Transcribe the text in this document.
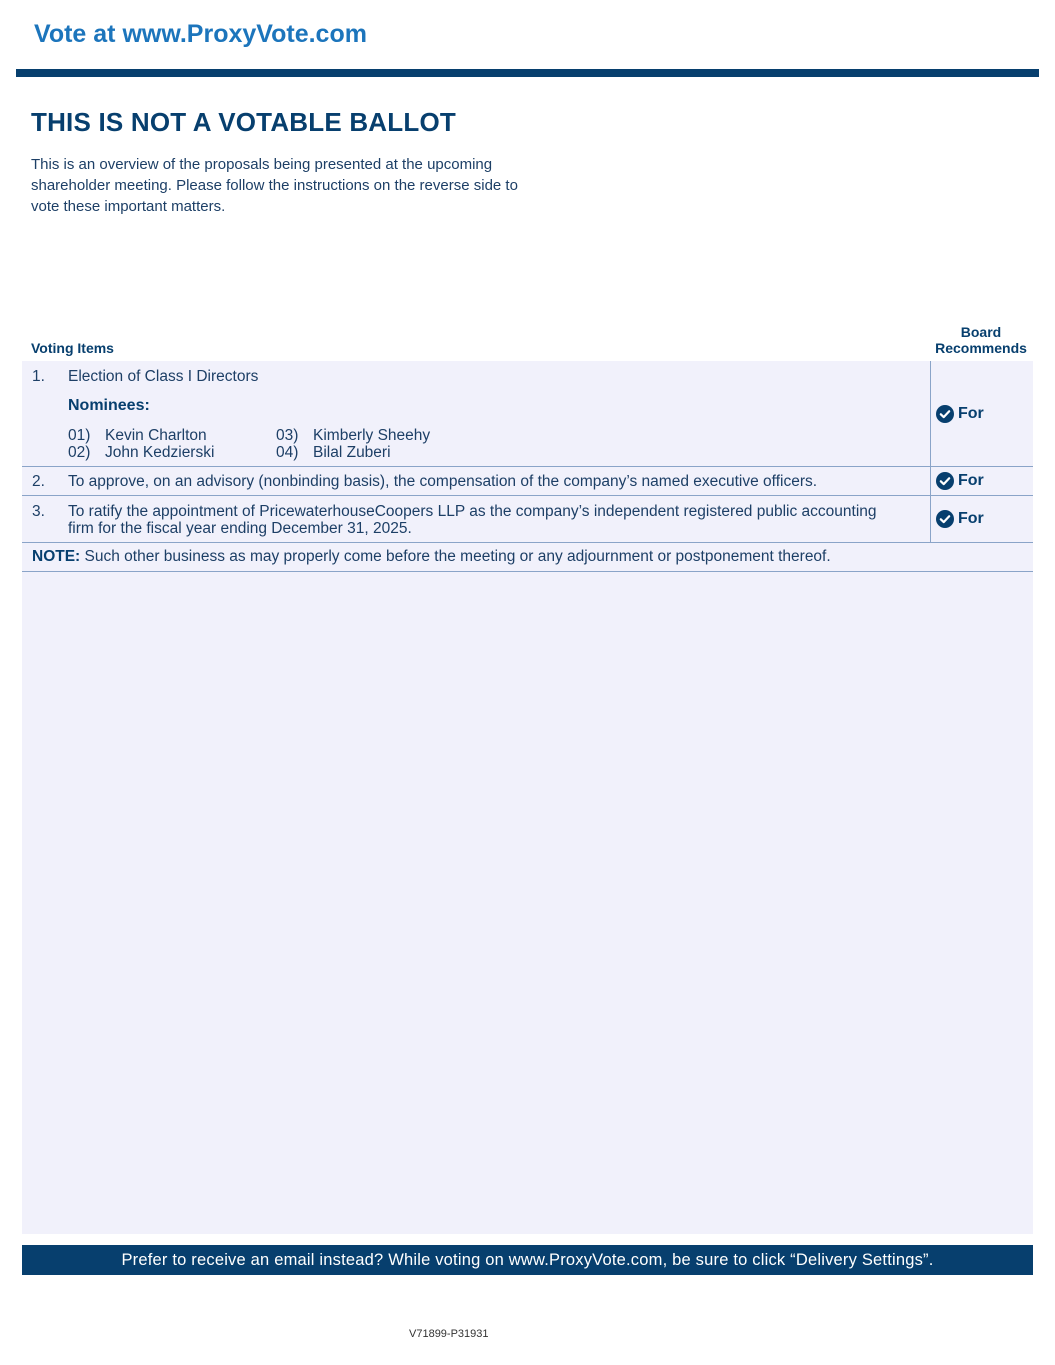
Vote at www.ProxyVote.com
THIS IS NOT A VOTABLE BALLOT

This is an overview of the proposals being presented at the upcoming shareholder meeting. Please follow the instructions on the reverse side to vote these important matters.

Voting Items
Board
Recommends
1. Election of Class I Directors
Nominees:
01) Kevin Charlton
02) John Kedzierski
03) Kimberly Sheehy
04) Bilal Zuberi
For
2. To approve, on an advisory (nonbinding basis), the compensation of the company’s named executive officers.	For
3. To ratify the appointment of PricewaterhouseCoopers LLP as the company’s independent registered public accounting
firm for the fiscal year ending December 31, 2025.
For
NOTE: Such other business as may properly come before the meeting or any adjournment or postponement thereof.
Prefer to receive an email instead? While voting on www.ProxyVote.com, be sure to click “Delivery Settings”.
V71899-P31931
